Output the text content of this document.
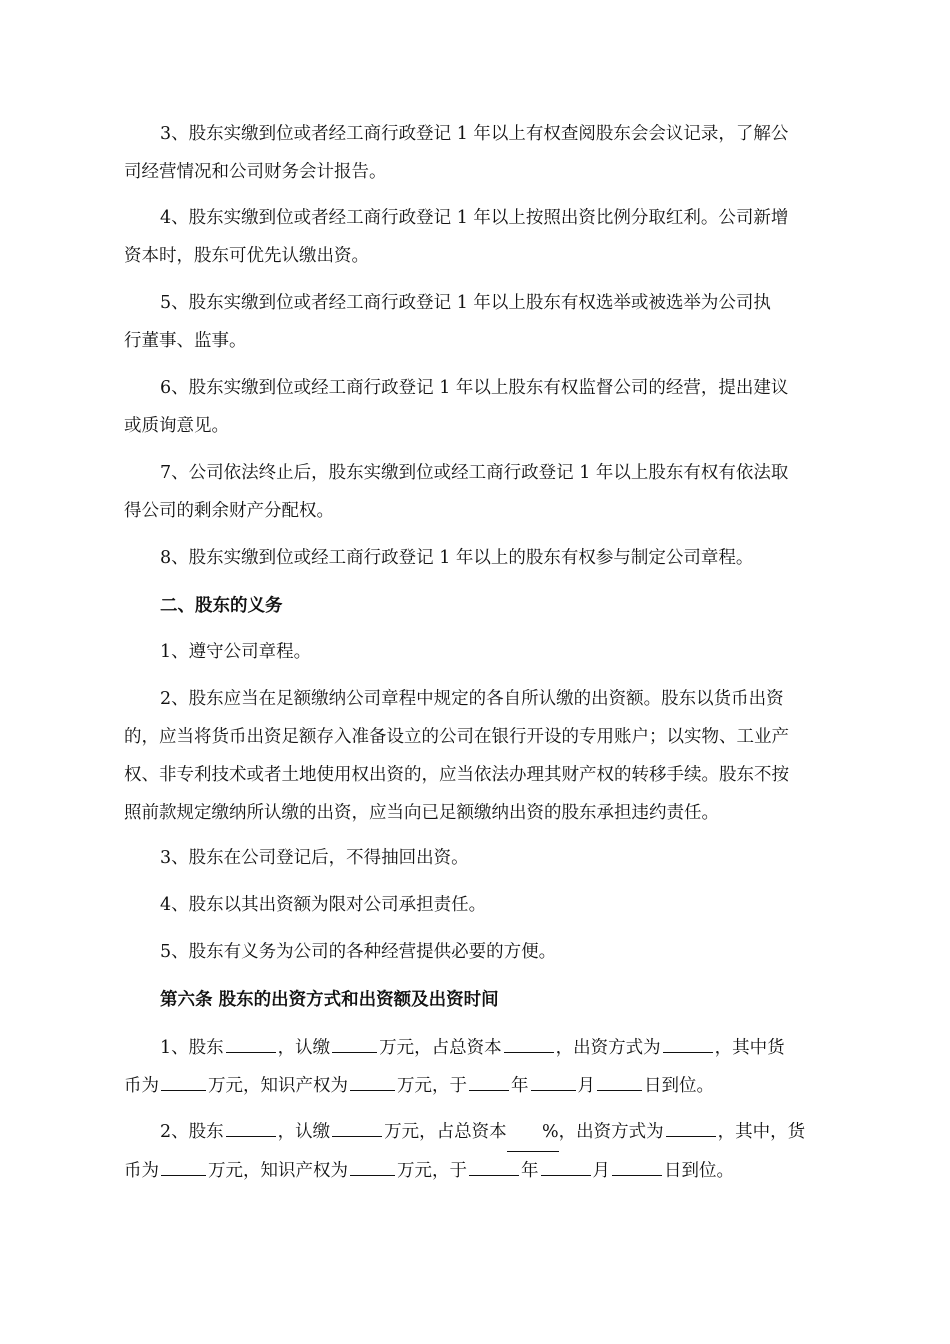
3、股东实缴到位或者经工商行政登记 1 年以上有权查阅股东会会议记录，了解公
司经营情况和公司财务会计报告。

4、股东实缴到位或者经工商行政登记 1 年以上按照出资比例分取红利。公司新增
资本时，股东可优先认缴出资。

5、股东实缴到位或者经工商行政登记 1 年以上股东有权选举或被选举为公司执
行董事、监事。

6、股东实缴到位或经工商行政登记 1 年以上股东有权监督公司的经营，提出建议
或质询意见。

7、公司依法终止后，股东实缴到位或经工商行政登记 1 年以上股东有权有依法取
得公司的剩余财产分配权。

8、股东实缴到位或经工商行政登记 1 年以上的股东有权参与制定公司章程。

二、股东的义务

1、遵守公司章程。

2、股东应当在足额缴纳公司章程中规定的各自所认缴的出资额。股东以货币出资
的，应当将货币出资足额存入准备设立的公司在银行开设的专用账户；以实物、工业产
权、非专利技术或者土地使用权出资的，应当依法办理其财产权的转移手续。股东不按
照前款规定缴纳所认缴的出资，应当向已足额缴纳出资的股东承担违约责任。

3、股东在公司登记后，不得抽回出资。

4、股东以其出资额为限对公司承担责任。

5、股东有义务为公司的各种经营提供必要的方便。

第六条 股东的出资方式和出资额及出资时间

1、股东	，认缴	万元，占总资本	，出资方式为	，其中货
币为	万元，知识产权为	万元，于	年	月	日到位。

2、股东	，认缴	万元，占总资本 %，出资方式为	，其中，货
币为	万元，知识产权为	万元，于	年	月	日到位。
